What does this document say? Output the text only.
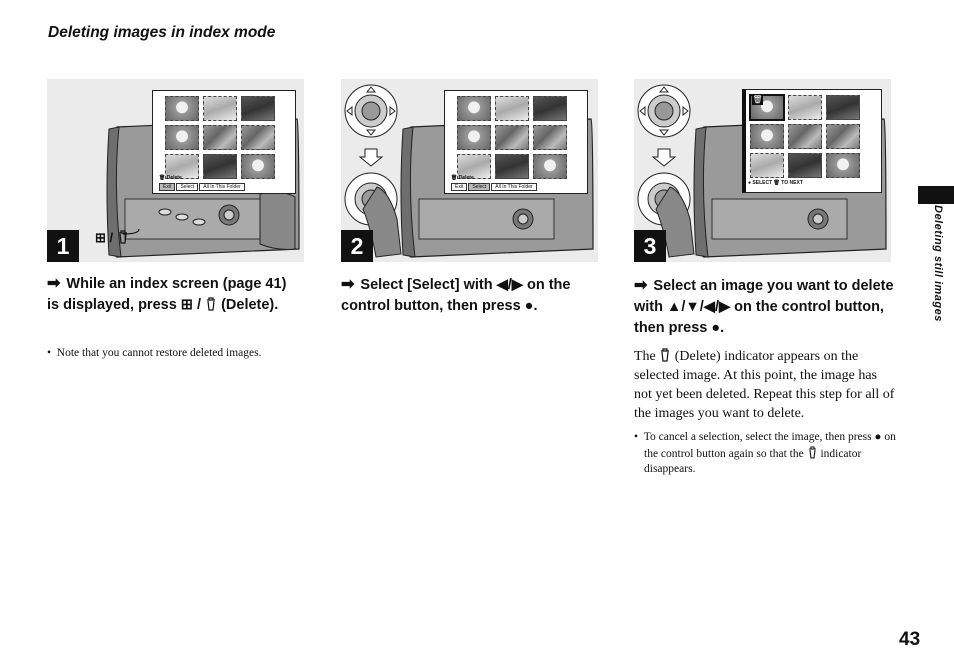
Deleting images in index mode
Deleting still images
🗑 Delete
Exit	Select	All In This Folder
⊞ /
1
🗑 Delete
Exit	Select	All In This Folder
2
🗑
● SELECT 🗑 TO NEXT
3
➡ While an index screen (page 41) is displayed, press ⊞ /  (Delete).
• Note that you cannot restore deleted images.
➡ Select [Select] with ◀/▶ on the control button, then press ●.
➡ Select an image you want to delete with ▲/▼/◀/▶ on the control button, then press ●.
The (Delete) indicator appears on the selected image. At this point, the image has not yet been deleted. Repeat this step for all of the images you want to delete.
• To cancel a selection, select the image, then press ● on the control button again so that the indicator disappears.
43
